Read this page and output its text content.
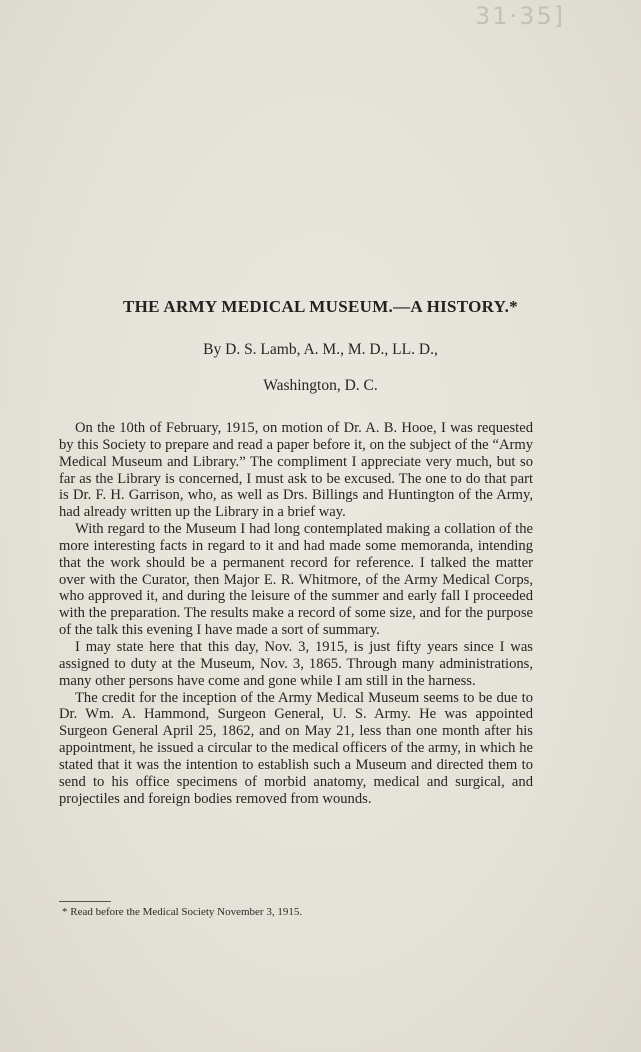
31·35]
THE ARMY MEDICAL MUSEUM.—A HISTORY.*

By D. S. Lamb, A. M., M. D., LL. D.,

Washington, D. C.

On the 10th of February, 1915, on motion of Dr. A. B. Hooe, I was requested by this Society to prepare and read a paper before it, on the subject of the “Army Medical Museum and Library.” The compliment I appreciate very much, but so far as the Library is concerned, I must ask to be excused. The one to do that part is Dr. F. H. Garrison, who, as well as Drs. Billings and Huntington of the Army, had already written up the Library in a brief way.

With regard to the Museum I had long contemplated making a collation of the more interesting facts in regard to it and had made some memoranda, intending that the work should be a permanent record for reference. I talked the matter over with the Curator, then Major E. R. Whitmore, of the Army Medical Corps, who approved it, and during the leisure of the summer and early fall I proceeded with the preparation. The results make a record of some size, and for the purpose of the talk this evening I have made a sort of summary.

I may state here that this day, Nov. 3, 1915, is just fifty years since I was assigned to duty at the Museum, Nov. 3, 1865. Through many administrations, many other persons have come and gone while I am still in the harness.

The credit for the inception of the Army Medical Museum seems to be due to Dr. Wm. A. Hammond, Surgeon General, U. S. Army. He was appointed Surgeon General April 25, 1862, and on May 21, less than one month after his appointment, he issued a circular to the medical officers of the army, in which he stated that it was the intention to establish such a Museum and directed them to send to his office specimens of morbid anatomy, medical and surgical, and projectiles and foreign bodies removed from wounds.

* Read before the Medical Society November 3, 1915.
